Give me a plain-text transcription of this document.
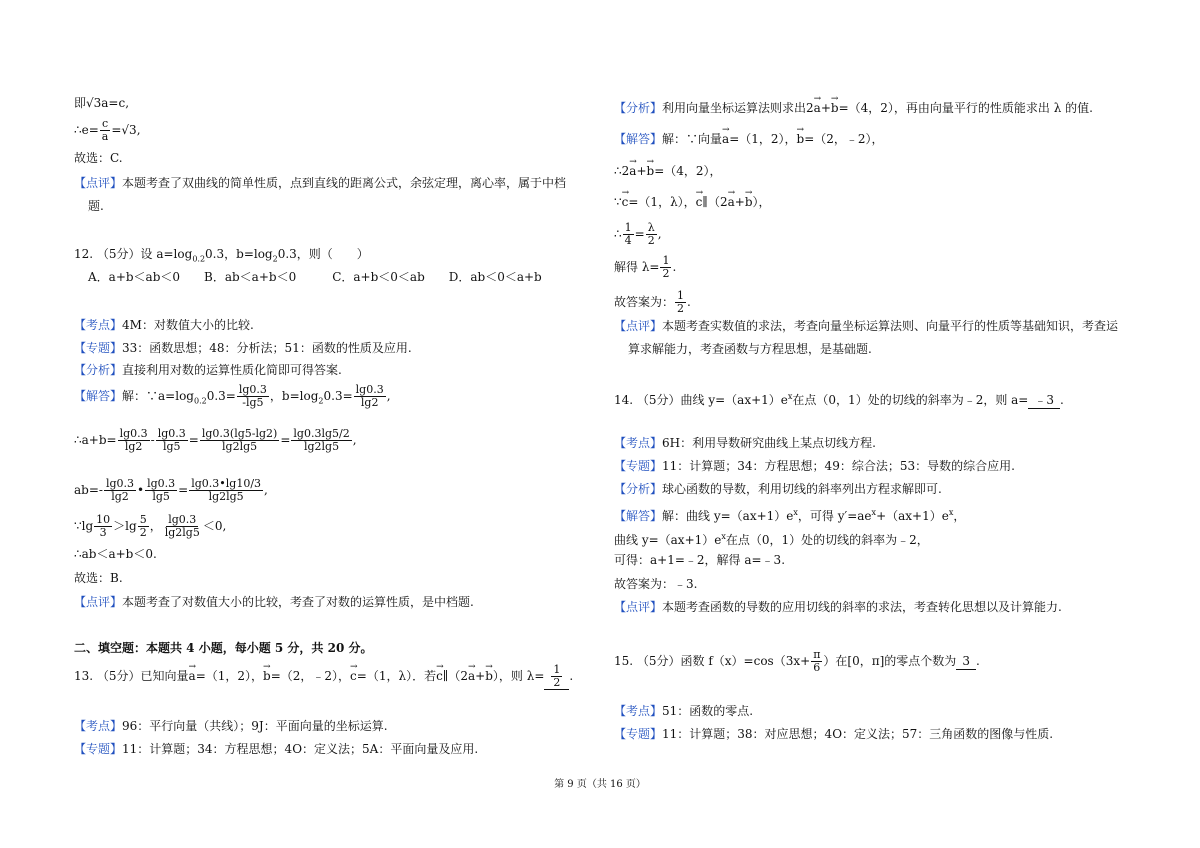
即√3a=c,
∴e= $\frac{c}{a} =√3$,
故选：C.
【点评】本题考查了双曲线的简单性质，点到直线的距离公式，余弦定理，离心率，属于中档
题.
12. （5分）设 $a=\log_{0.2}0.3$，$b=\log_20.3$，则（　　）
A．a+b＜ab＜0　　B．ab＜a+b＜0　　　C．a+b＜0＜ab　　D．ab＜0＜a+b
【考点】4M：对数值大小的比较.
【专题】33：函数思想；48：分析法；51：函数的性质及应用.
【分析】直接利用对数的运算性质化简即可得答案.
【解答】解：$\because a=\log_{0.2}0.3= \frac{\lg 0.3}{-\lg 5}$ ，$b=\log_20.3= \frac{\lg 0.3}{\lg 2}$ ,
∴a+b= $\frac{\lg 0.3}{\lg 2} - \frac{\lg 0.3}{\lg 5} = \frac{\lg 0.3(\lg 5-\lg 2)}{\lg 2\lg 5} = \frac{\lg 0.3\lg 5/2}{\lg 2\lg 5}$ ,
$ab=- \frac{\lg 0.3}{\lg 2}$ • $\frac{\lg 0.3}{\lg 5} = \frac{\lg 0.3•\lg 10/3}{\lg 2\lg 5}$ ,
∵lg $\frac{10}{3} >\lg \frac{5}{2}$ ， $\frac{\lg 0.3}{\lg 2\lg 5} <0$,
∴ab＜a+b＜0.
故选：B.
【点评】本题考查了对数值大小的比较，考查了对数的运算性质，是中档题.
二、填空题：本题共 4 小题，每小题 5 分，共 20 分。
13. （5分）已知向量→ a=（1，2），→ b=（2，﹣2），→ c=（1，λ）．若→ c∥（2→ a+→ b），则 $\lambda= \frac{1}{2}$ .
【考点】96：平行向量（共线）；9J：平面向量的坐标运算.
【专题】11：计算题；34：方程思想；4O：定义法；5A：平面向量及应用.
【分析】利用向量坐标运算法则求出2→ a+→ b=（4，2），再由向量平行的性质能求出 λ 的值.
【解答】解：∵向量→ a=（1，2），→ b=（2，﹣2），
∴2→ a+→ b=（4，2），
∵→ c=（1，λ），→ c∥（2→ a+→ b），
∴ $\frac{1}{4} = \frac{\lambda}{2}$ ,
解得 $\lambda= \frac{1}{2}$ .
故答案为： $\frac{1}{2}$ .
【点评】本题考查实数值的求法，考查向量坐标运算法则、向量平行的性质等基础知识，考查运
算求解能力，考查函数与方程思想，是基础题.
14. （5分）曲线 $y=(ax+1)e^x$在点（0，1）处的切线的斜率为﹣2，则 a= ﹣3 .
【考点】6H：利用导数研究曲线上某点切线方程.
【专题】11：计算题；34：方程思想；49：综合法；53：导数的综合应用.
【分析】球心函数的导数，利用切线的斜率列出方程求解即可.
【解答】解：曲线 $y=(ax+1)e^x$，可得 $y'=ae^x+(ax+1)e^x$，
曲线 $y=(ax+1)e^x$在点（0，1）处的切线的斜率为﹣2，
可得：a+1=﹣2，解得 a=﹣3.
故答案为：﹣3.
【点评】本题考查函数的导数的应用切线的斜率的求法，考查转化思想以及计算能力.
15. （5分）函数 $f(x)=\cos(3x+ \frac{\pi}{6}$ ）在[0，π]的零点个数为 3 .
【考点】51：函数的零点.
【专题】11：计算题；38：对应思想；4O：定义法；57：三角函数的图像与性质.
第 9 页（共 16 页）
